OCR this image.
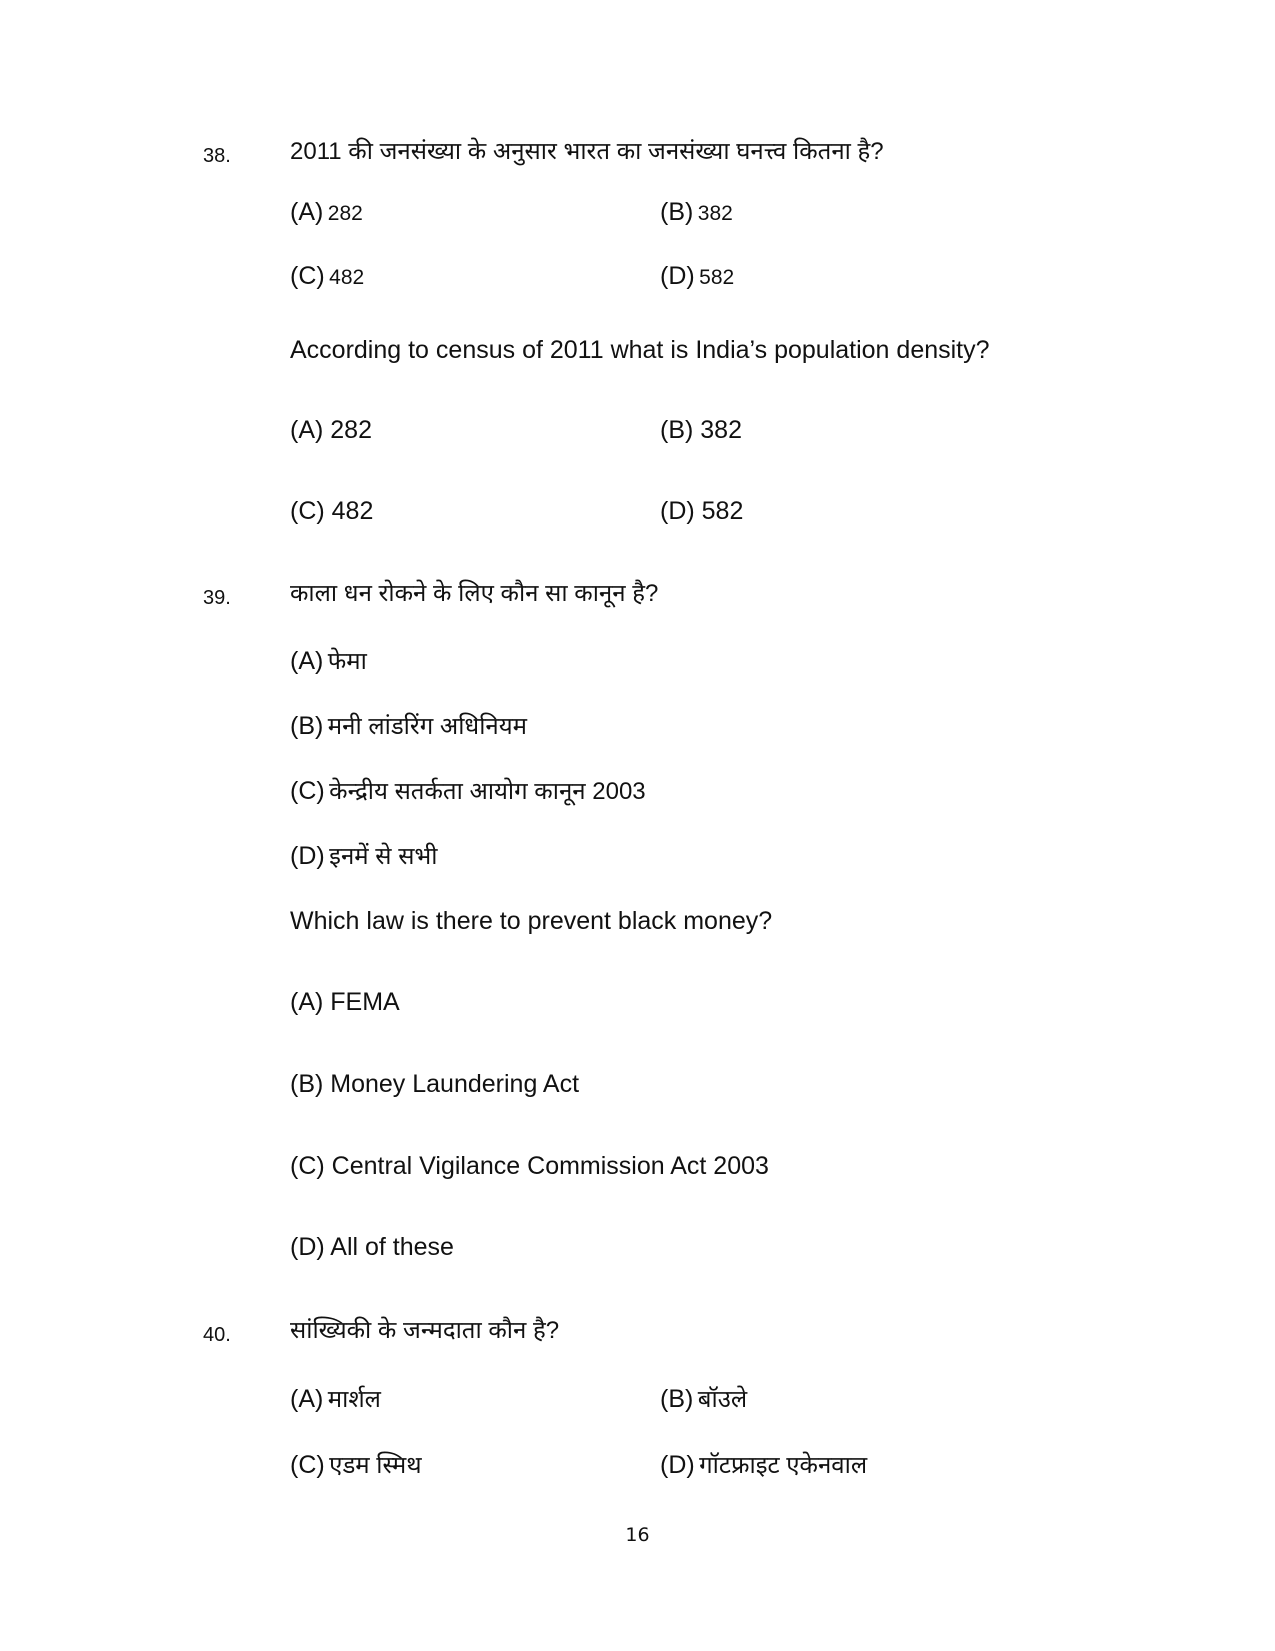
38. 2011 की जनसंख्या के अनुसार भारत का जनसंख्या घनत्त्व कितना है?
(A) 282	(B) 382
(C) 482	(D) 582
According to census of 2011 what is India’s population density?
(A) 282	(B) 382
(C) 482	(D) 582
39. काला धन रोकने के लिए कौन सा कानून है?
(A) फेमा
(B) मनी लांडरिंग अधिनियम
(C) केन्द्रीय सतर्कता आयोग कानून 2003
(D) इनमें से सभी
Which law is there to prevent black money?
(A) FEMA
(B) Money Laundering Act
(C) Central Vigilance Commission Act 2003
(D) All of these
40. सांख्यिकी के जन्मदाता कौन है?
(A) मार्शल	(B) बॉउले
(C) एडम स्मिथ	(D) गॉटफ्राइट एकेनवाल
16
